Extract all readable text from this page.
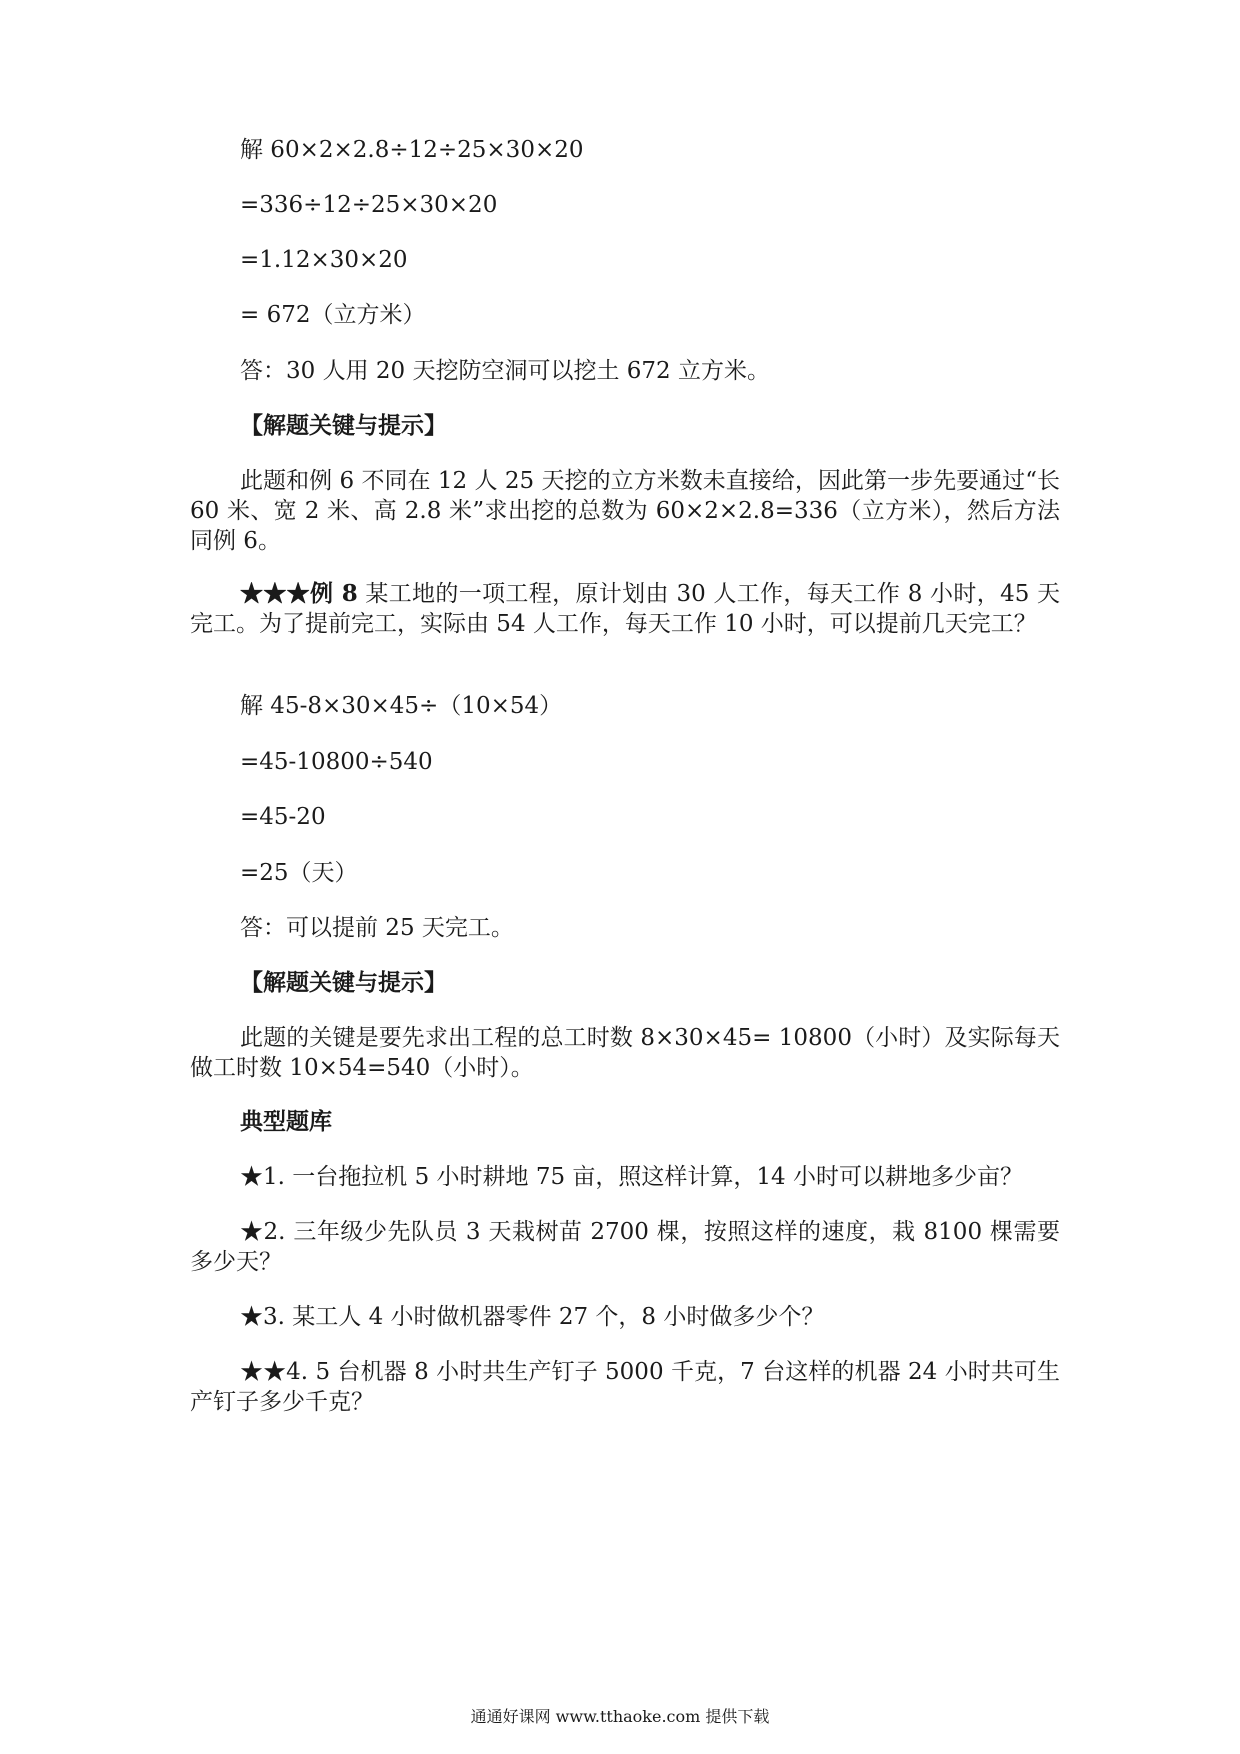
解 60×2×2.8÷12÷25×30×20
=336÷12÷25×30×20
=1.12×30×20
= 672（立方米）
答：30 人用 20 天挖防空洞可以挖土 672 立方米。
【解题关键与提示】
此题和例 6 不同在 12 人 25 天挖的立方米数未直接给，因此第一步先要通过“长 60 米、宽 2 米、高 2.8 米”求出挖的总数为 60×2×2.8=336（立方米），然后方法同例 6。
★★★例 8 某工地的一项工程，原计划由 30 人工作，每天工作 8 小时，45 天完工。为了提前完工，实际由 54 人工作，每天工作 10 小时，可以提前几天完工？
解 45-8×30×45÷（10×54）
=45-10800÷540
=45-20
=25（天）
答：可以提前 25 天完工。
【解题关键与提示】
此题的关键是要先求出工程的总工时数 8×30×45= 10800（小时）及实际每天做工时数 10×54=540（小时）。
典型题库
★1. 一台拖拉机 5 小时耕地 75 亩，照这样计算，14 小时可以耕地多少亩？
★2. 三年级少先队员 3 天栽树苗 2700 棵，按照这样的速度，栽 8100 棵需要多少天？
★3. 某工人 4 小时做机器零件 27 个，8 小时做多少个？
★★4. 5 台机器 8 小时共生产钉子 5000 千克，7 台这样的机器 24 小时共可生产钉子多少千克？
通通好课网 www.tthaoke.com 提供下载
